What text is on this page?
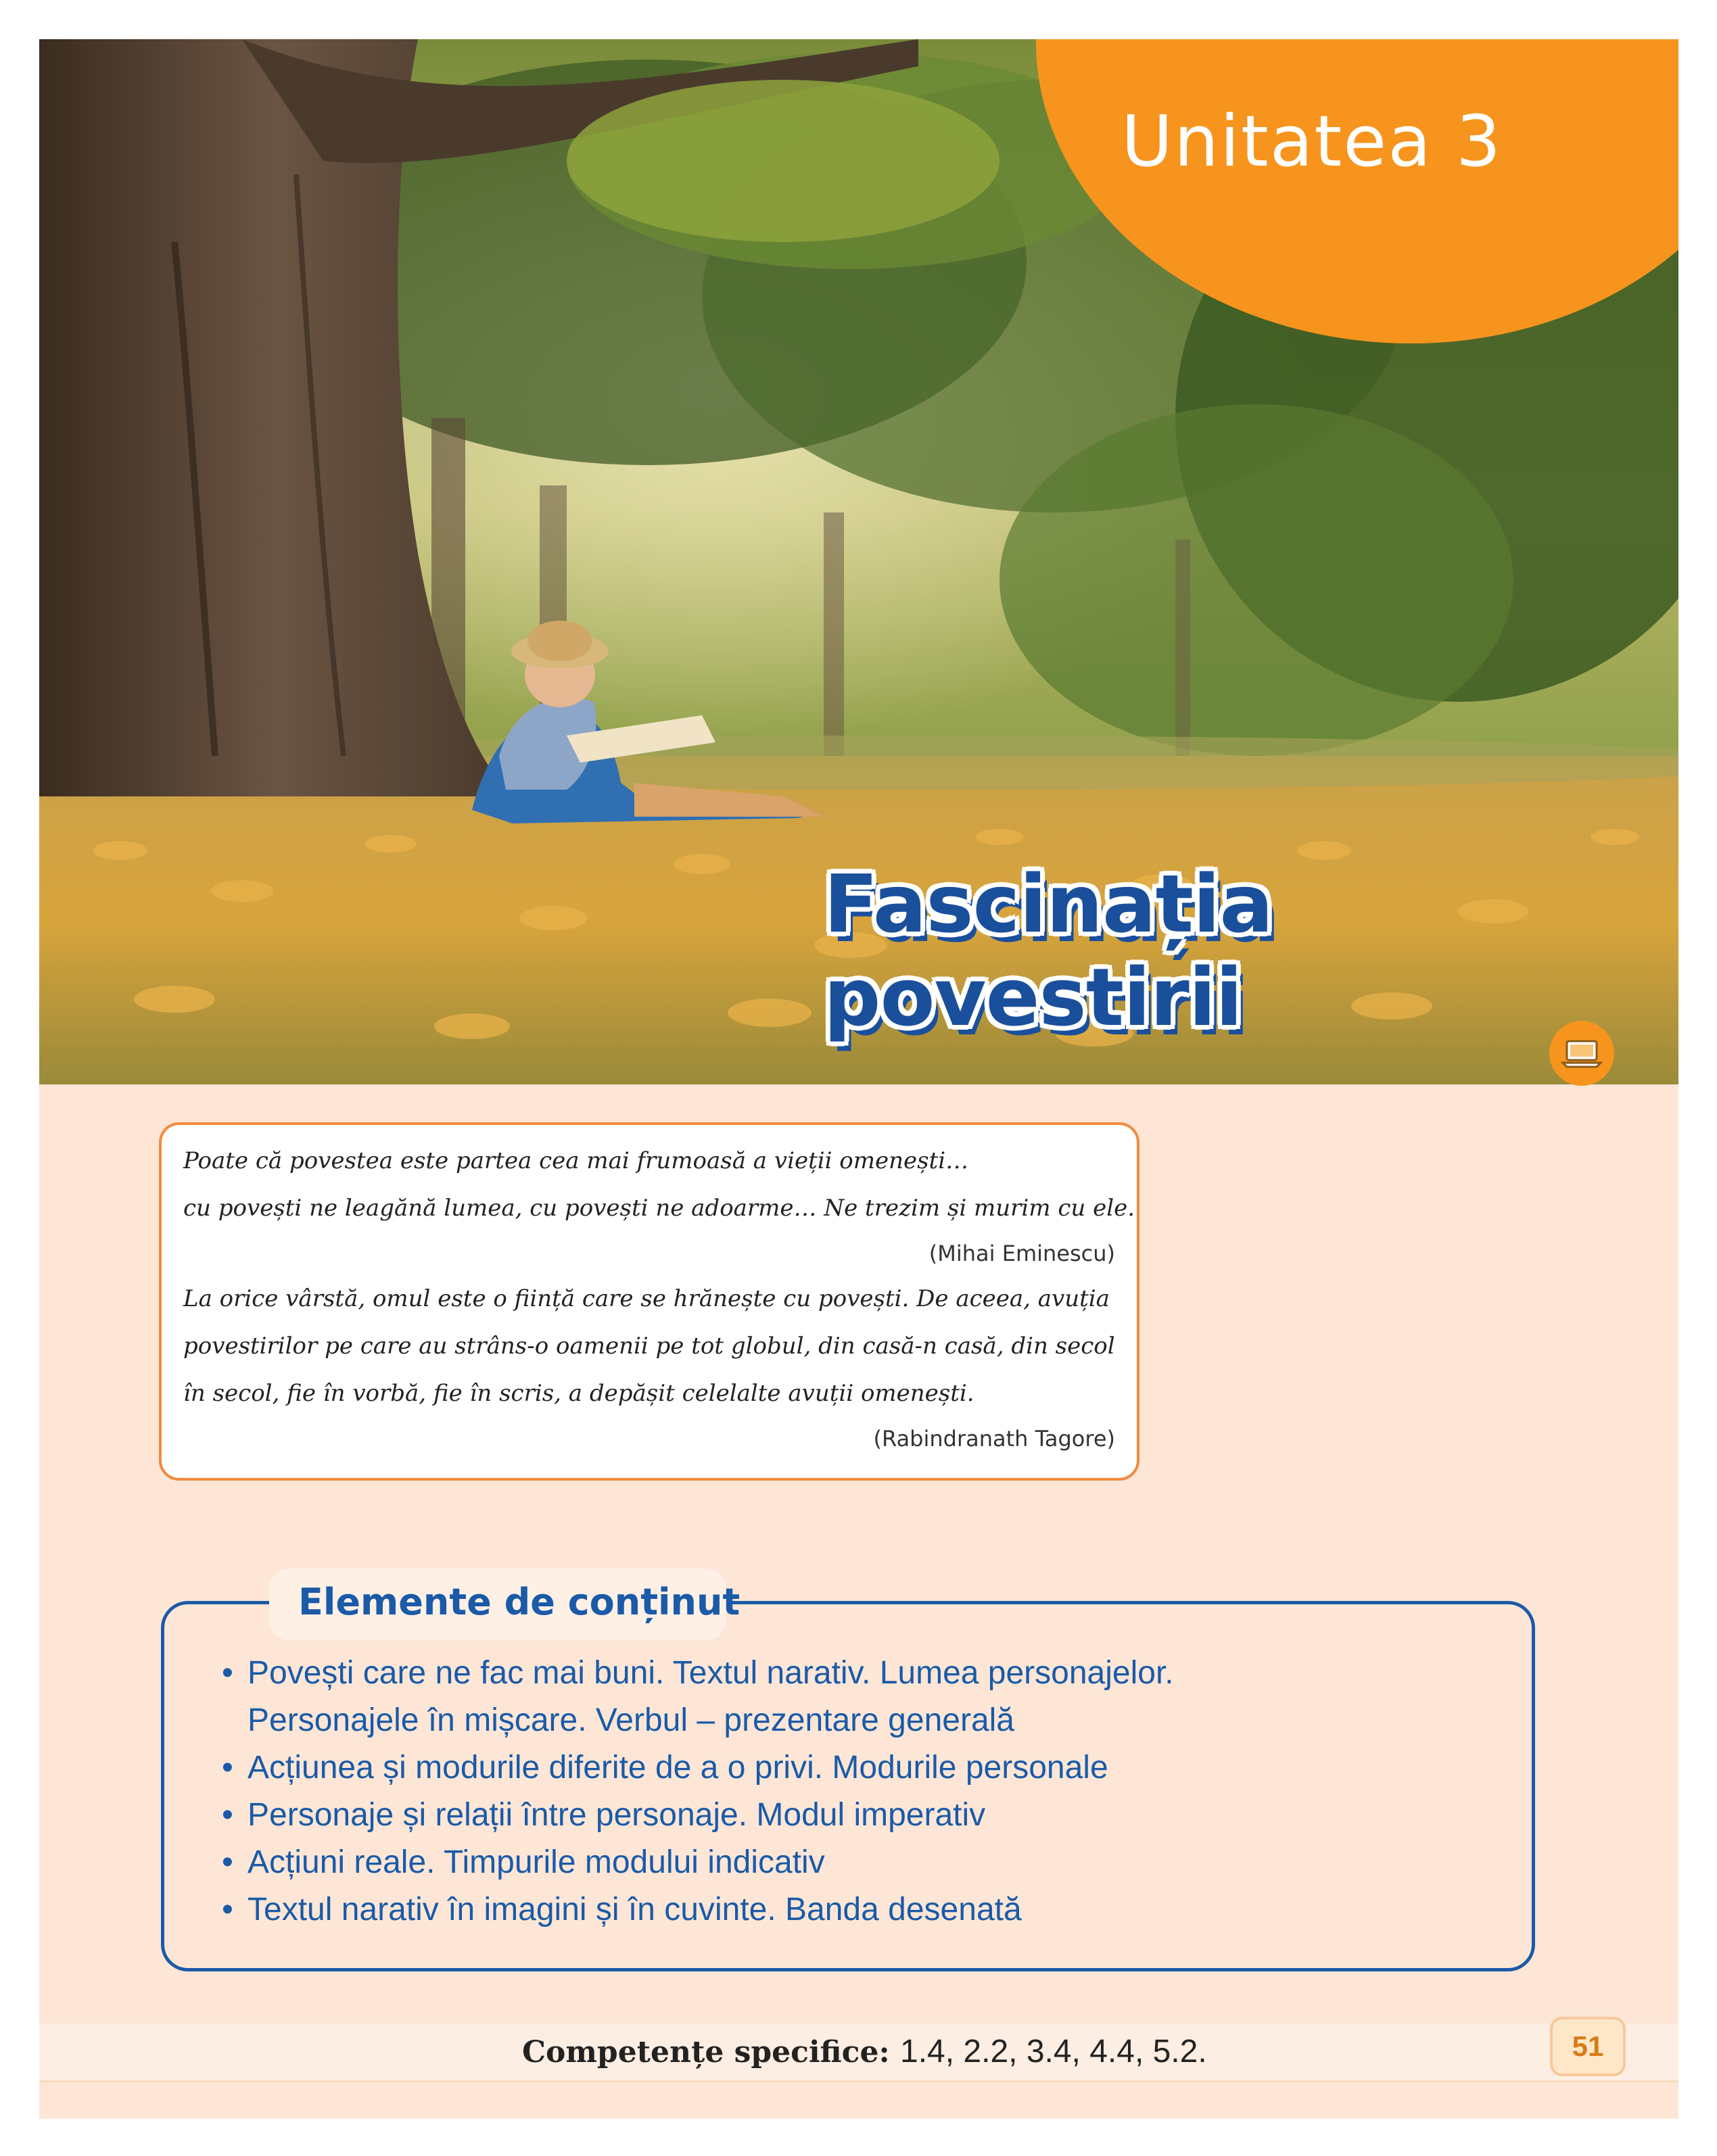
Unitatea 3
Fascinația povestirii
Poate că povestea este partea cea mai frumoasă a vieții omenești…
cu povești ne leagănă lumea, cu povești ne adoarme… Ne trezim și murim cu ele.
(Mihai Eminescu)
La orice vârstă, omul este o ființă care se hrănește cu povești. De aceea, avuția
povestirilor pe care au strâns-o oamenii pe tot globul, din casă-n casă, din secol
în secol, fie în vorbă, fie în scris, a depășit celelalte avuții omenești.
(Rabindranath Tagore)
Elemente de conținut
• Povești care ne fac mai buni. Textul narativ. Lumea personajelor.
Personajele în mișcare. Verbul – prezentare generală
• Acțiunea și modurile diferite de a o privi. Modurile personale
• Personaje și relații între personaje. Modul imperativ
• Acțiuni reale. Timpurile modului indicativ
• Textul narativ în imagini și în cuvinte. Banda desenată
Competențe specifice: 1.4, 2.2, 3.4, 4.4, 5.2.	51
